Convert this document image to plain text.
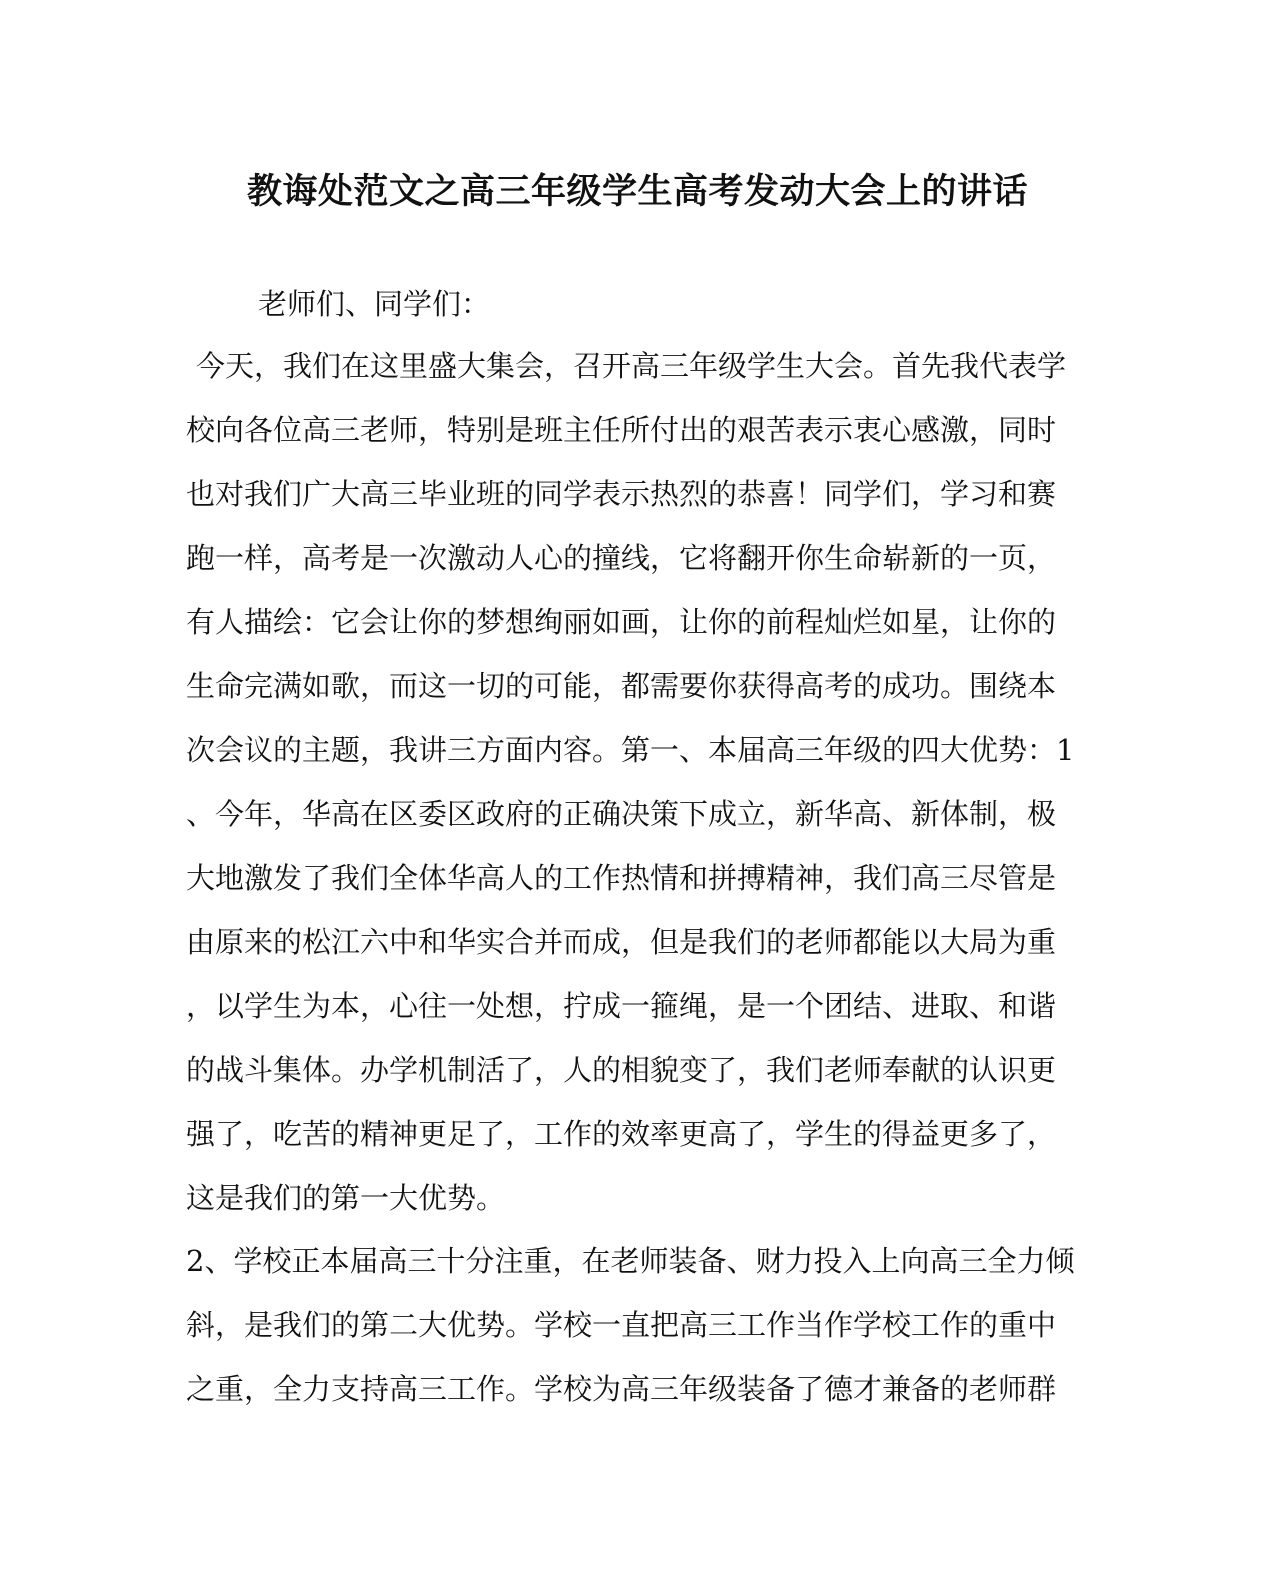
教诲处范文之高三年级学生高考发动大会上的讲话

老师们、同学们：

今天，我们在这里盛大集会，召开高三年级学生大会。首先我代表学

校向各位高三老师，特别是班主任所付出的艰苦表示衷心感激，同时

也对我们广大高三毕业班的同学表示热烈的恭喜！同学们，学习和赛

跑一样，高考是一次激动人心的撞线，它将翻开你生命崭新的一页，

有人描绘：它会让你的梦想绚丽如画，让你的前程灿烂如星，让你的

生命完满如歌，而这一切的可能，都需要你获得高考的成功。围绕本

次会议的主题，我讲三方面内容。第一、本届高三年级的四大优势：1

、今年，华高在区委区政府的正确决策下成立，新华高、新体制，极

大地激发了我们全体华高人的工作热情和拼搏精神，我们高三尽管是

由原来的松江六中和华实合并而成，但是我们的老师都能以大局为重

，以学生为本，心往一处想，拧成一箍绳，是一个团结、进取、和谐

的战斗集体。办学机制活了，人的相貌变了，我们老师奉献的认识更

强了，吃苦的精神更足了，工作的效率更高了，学生的得益更多了，

这是我们的第一大优势。

2、学校正本届高三十分注重，在老师装备、财力投入上向高三全力倾

斜，是我们的第二大优势。学校一直把高三工作当作学校工作的重中

之重，全力支持高三工作。学校为高三年级装备了德才兼备的老师群
